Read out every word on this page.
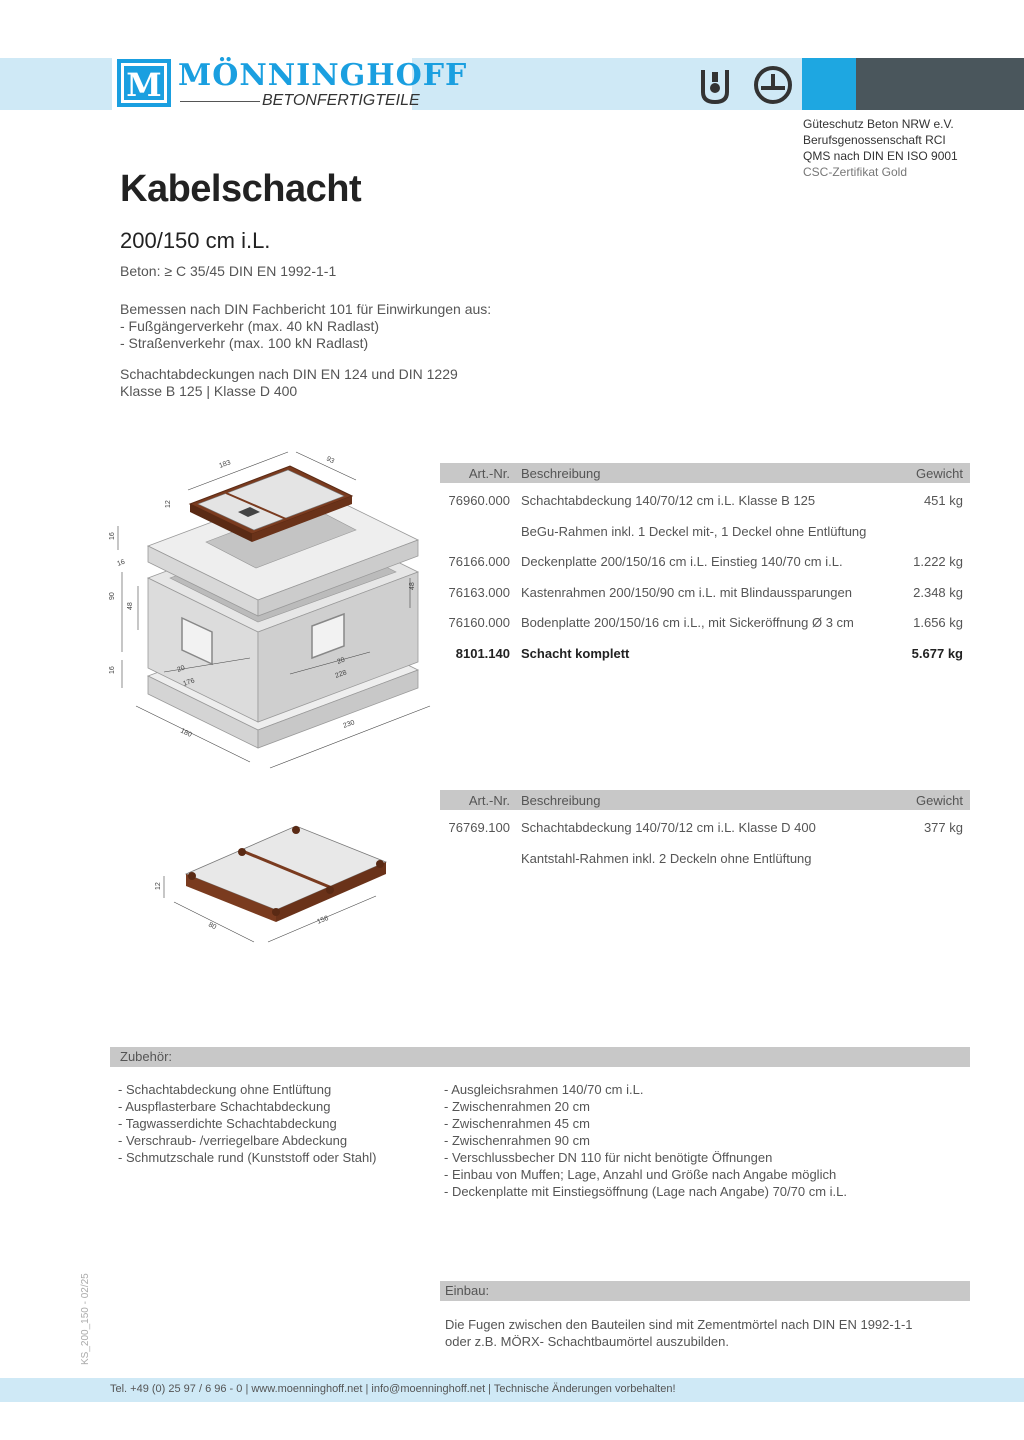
M MÖNNINGHOFF
BETONFERTIGTEILE
Güteschutz Beton NRW e.V.
Berufsgenossenschaft RCI
QMS nach DIN EN ISO 9001
CSC-Zertifikat Gold
Kabelschacht
200/150 cm i.L.
Beton: ≥ C 35/45 DIN EN 1992-1-1
Bemessen nach DIN Fachbericht 101 für Einwirkungen aus:
- Fußgängerverkehr (max. 40 kN Radlast)
- Straßenverkehr (max. 100 kN Radlast)
Schachtabdeckungen nach DIN EN 124 und DIN 1229
Klasse B 125 | Klasse D 400
183	93
12
16
16
90
48
48
16	20
176
20
228
180
230
Art.-Nr. Beschreibung	Gewicht
76960.000 Schachtabdeckung 140/70/12 cm i.L. Klasse B 125	451 kg
BeGu-Rahmen inkl. 1 Deckel mit-, 1 Deckel ohne Entlüftung
76166.000 Deckenplatte 200/150/16 cm i.L. Einstieg 140/70 cm i.L.	1.222 kg
76163.000 Kastenrahmen 200/150/90 cm i.L. mit Blindaussparungen	2.348 kg
76160.000 Bodenplatte 200/150/16 cm i.L., mit Sickeröffnung Ø 3 cm	1.656 kg
8101.140 Schacht komplett	5.677 kg
12
80
156
Art.-Nr. Beschreibung	Gewicht
76769.100 Schachtabdeckung 140/70/12 cm i.L. Klasse D 400	377 kg
Kantstahl-Rahmen inkl. 2 Deckeln ohne Entlüftung
Zubehör:
- Schachtabdeckung ohne Entlüftung
- Auspflasterbare Schachtabdeckung
- Tagwasserdichte Schachtabdeckung
- Verschraub- /verriegelbare Abdeckung
- Schmutzschale rund (Kunststoff oder Stahl)
- Ausgleichsrahmen 140/70 cm i.L.
- Zwischenrahmen 20 cm
- Zwischenrahmen 45 cm
- Zwischenrahmen 90 cm
- Verschlussbecher DN 110 für nicht benötigte Öffnungen
- Einbau von Muffen; Lage, Anzahl und Größe nach Angabe möglich
- Deckenplatte mit Einstiegsöffnung (Lage nach Angabe) 70/70 cm i.L.
Einbau:
Die Fugen zwischen den Bauteilen sind mit Zementmörtel nach DIN EN 1992-1-1
oder z.B. MÖRX- Schachtbaumörtel auszubilden.
KS_200_150 - 02/25
Tel. +49 (0) 25 97 / 6 96 - 0 | www.moenninghoff.net | info@moenninghoff.net | Technische Änderungen vorbehalten!
